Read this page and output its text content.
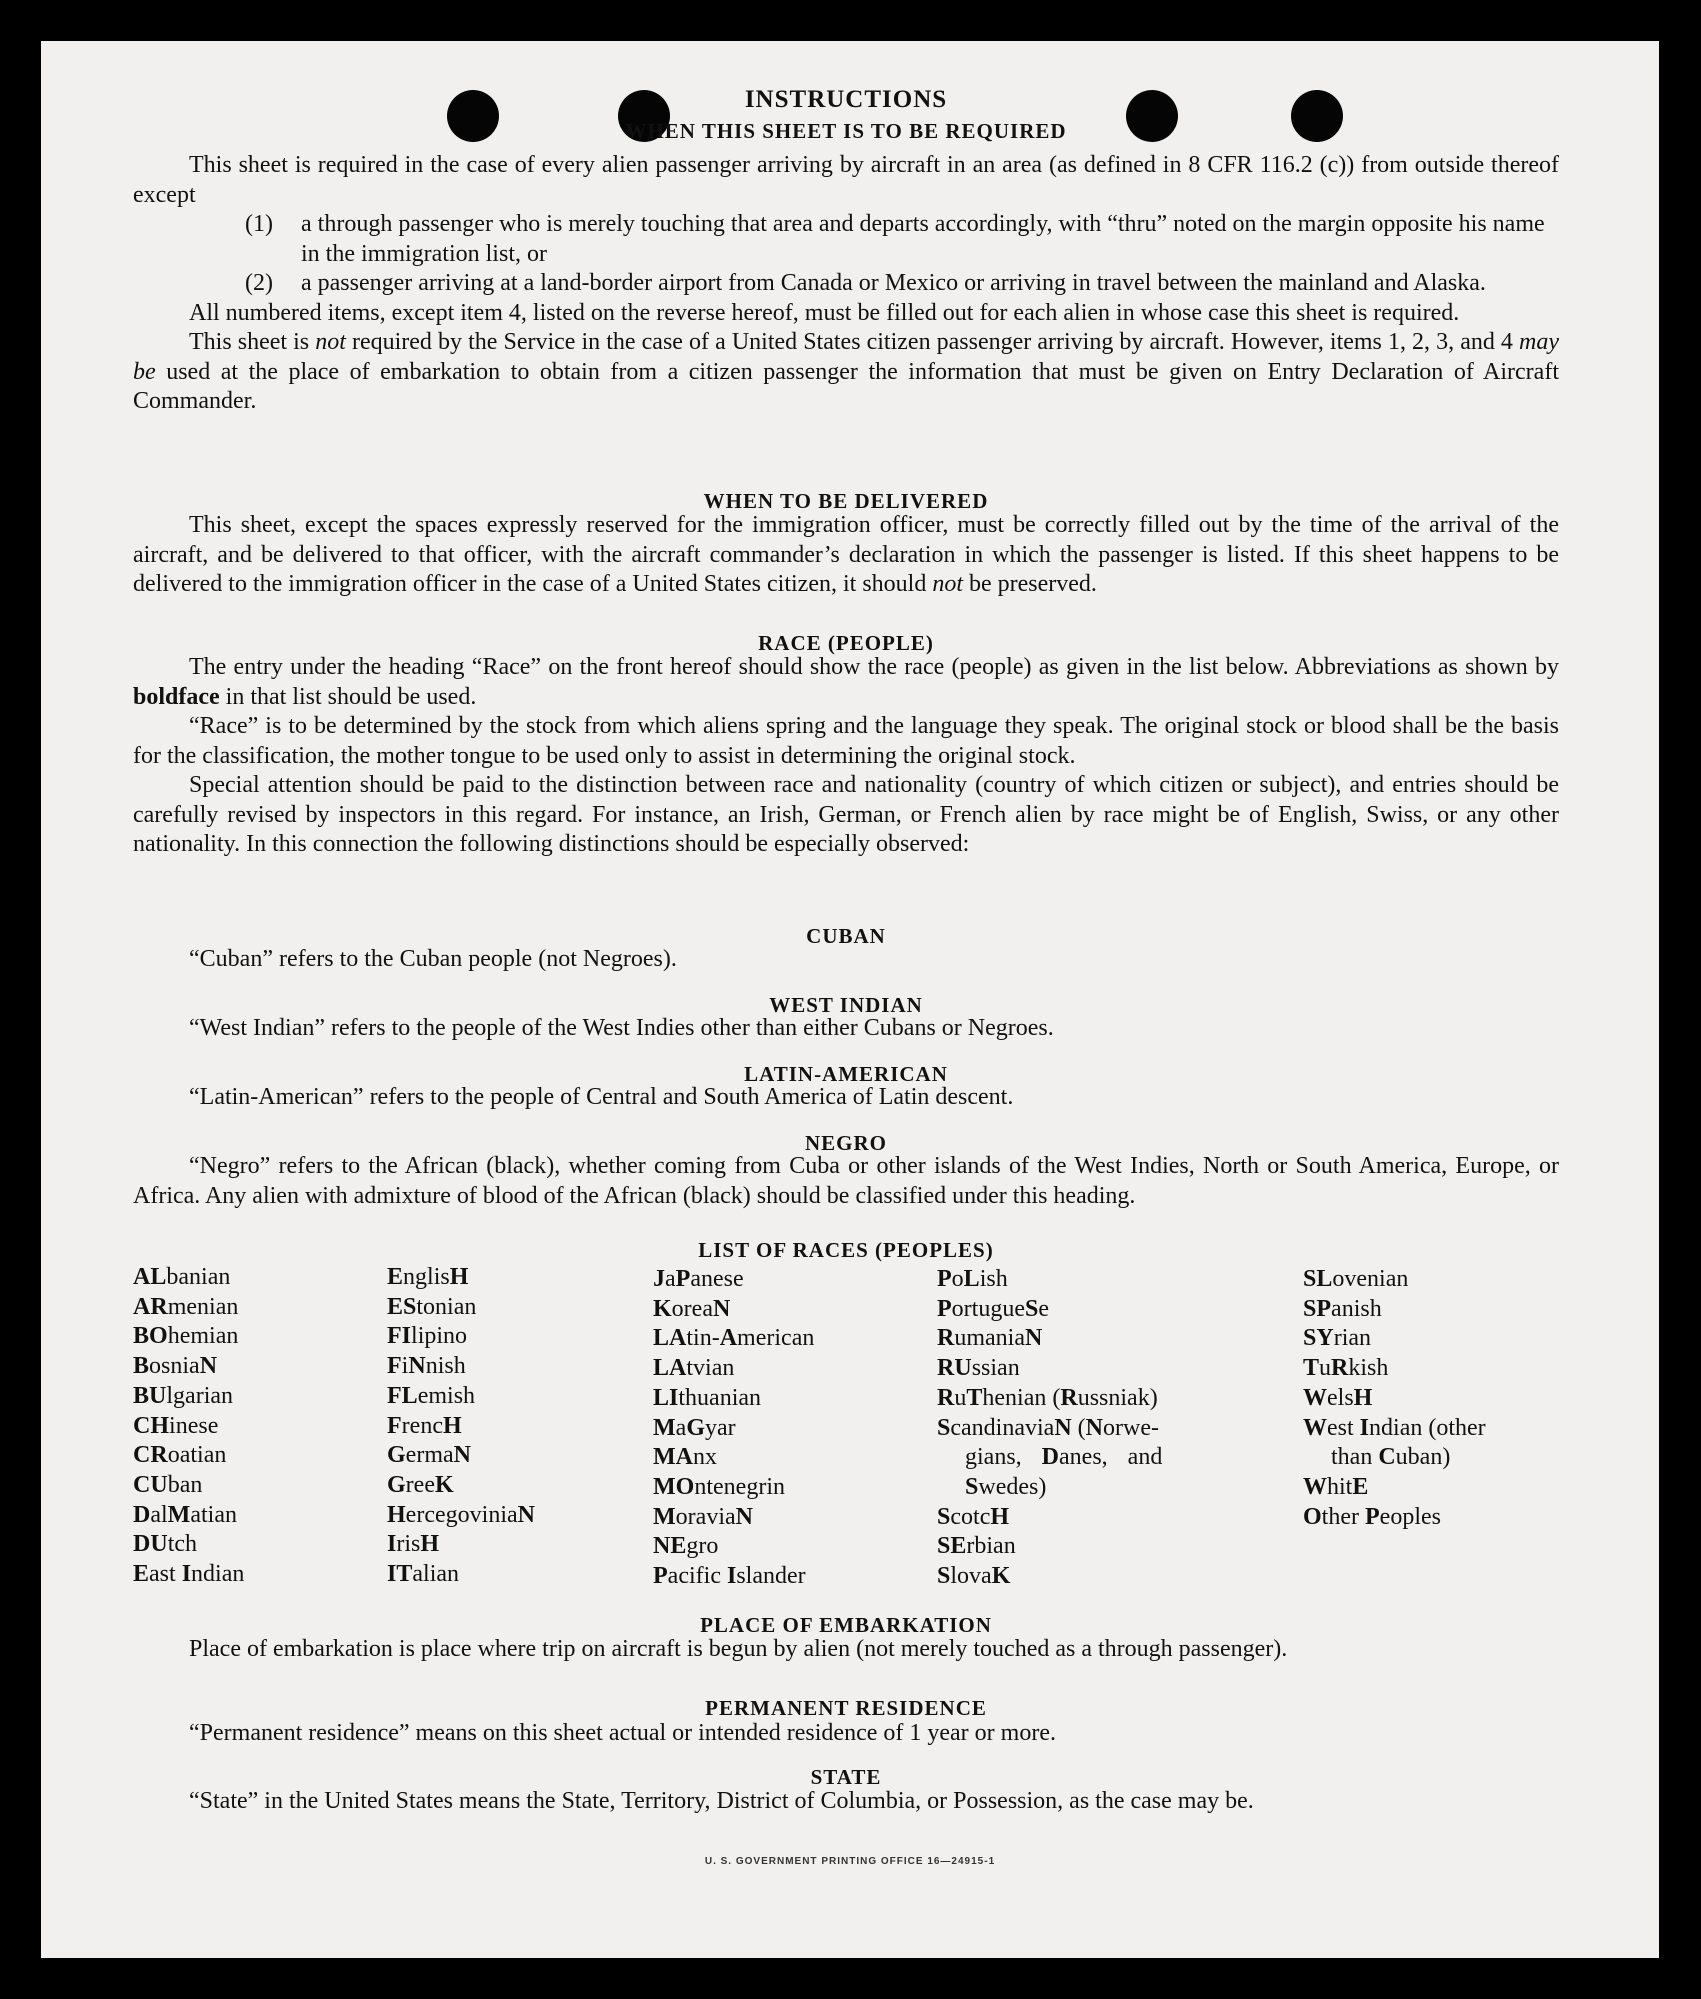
INSTRUCTIONS
WHEN THIS SHEET IS TO BE REQUIRED
This sheet is required in the case of every alien passenger arriving by aircraft in an area (as defined in 8 CFR 116.2 (c)) from outside thereof except
(1)	a through passenger who is merely touching that area and departs accordingly, with “thru” noted on the margin opposite his name in the immigration list, or
(2)	a passenger arriving at a land-border airport from Canada or Mexico or arriving in travel between the mainland and Alaska.
All numbered items, except item 4, listed on the reverse hereof, must be filled out for each alien in whose case this sheet is required.
This sheet is not required by the Service in the case of a United States citizen passenger arriving by aircraft. However, items 1, 2, 3, and 4 may be used at the place of embarkation to obtain from a citizen passenger the information that must be given on Entry Declaration of Aircraft Commander.
WHEN TO BE DELIVERED
This sheet, except the spaces expressly reserved for the immigration officer, must be correctly filled out by the time of the arrival of the aircraft, and be delivered to that officer, with the aircraft commander’s declaration in which the passenger is listed. If this sheet happens to be delivered to the immigration officer in the case of a United States citizen, it should not be preserved.
RACE (PEOPLE)
The entry under the heading “Race” on the front hereof should show the race (people) as given in the list below. Abbreviations as shown by boldface in that list should be used.
“Race” is to be determined by the stock from which aliens spring and the language they speak. The original stock or blood shall be the basis for the classification, the mother tongue to be used only to assist in determining the original stock.
Special attention should be paid to the distinction between race and nationality (country of which citizen or subject), and entries should be carefully revised by inspectors in this regard. For instance, an Irish, German, or French alien by race might be of English, Swiss, or any other nationality. In this connection the following distinctions should be especially observed:
CUBAN
“Cuban” refers to the Cuban people (not Negroes).
WEST INDIAN
“West Indian” refers to the people of the West Indies other than either Cubans or Negroes.
LATIN-AMERICAN
“Latin-American” refers to the people of Central and South America of Latin descent.
NEGRO
“Negro” refers to the African (black), whether coming from Cuba or other islands of the West Indies, North or South America, Europe, or Africa. Any alien with admixture of blood of the African (black) should be classified under this heading.
LIST OF RACES (PEOPLES)
ALbanian
ARmenian
BOhemian
BosniaN
BUlgarian
CHinese
CRoatian
CUban
DalMatian
DUtch
East Indian
EnglisH
EStonian
FIlipino
FiNnish
FLemish
FrencH
GermaN
GreeK
HercegoviniaN
IrisH
ITalian
JaPanese
KoreaN
LAtin-American
LAtvian
LIthuanian
MaGyar
MAnx
MOntenegrin
MoraviaN
NEgro
Pacific Islander
PoLish
PortugueSe
RumaniaN
RUssian
RuThenian (Russniak)
ScandinaviaN (Norwe-
gians, Danes, and
Swedes)
ScotcH
SErbian
SlovaK
SLovenian
SPanish
SYrian
TuRkish
WelsH
West Indian (other
than Cuban)
WhitE
Other Peoples
PLACE OF EMBARKATION
Place of embarkation is place where trip on aircraft is begun by alien (not merely touched as a through passenger).
PERMANENT RESIDENCE
“Permanent residence” means on this sheet actual or intended residence of 1 year or more.
STATE
“State” in the United States means the State, Territory, District of Columbia, or Possession, as the case may be.
U. S. GOVERNMENT PRINTING OFFICE 16—24915-1
